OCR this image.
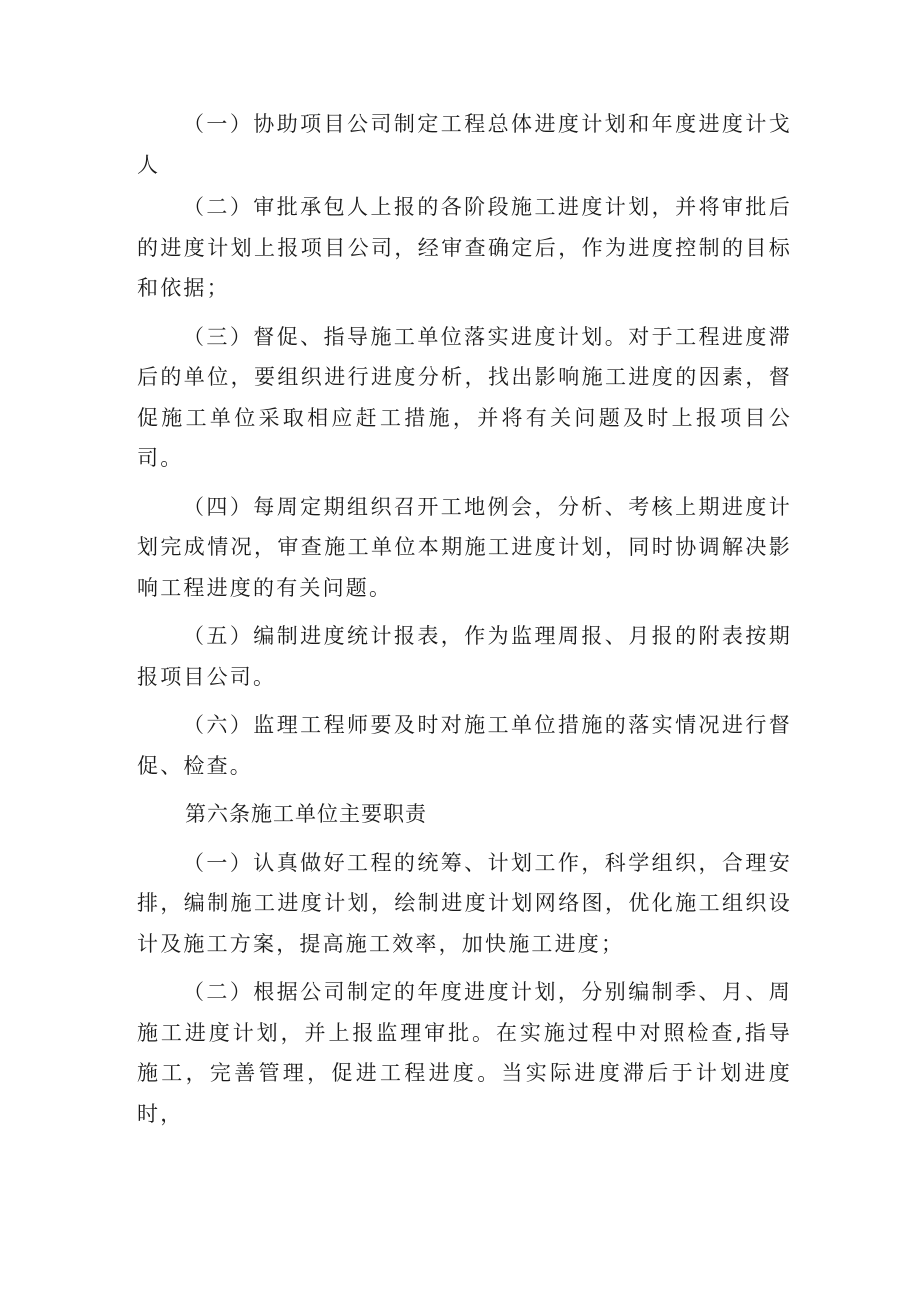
（一）协助项目公司制定工程总体进度计划和年度进度计戈人

（二）审批承包人上报的各阶段施工进度计划，并将审批后的进度计划上报项目公司，经审查确定后，作为进度控制的目标和依据；

（三）督促、指导施工单位落实进度计划。对于工程进度滞后的单位，要组织进行进度分析，找出影响施工进度的因素，督促施工单位采取相应赶工措施，并将有关问题及时上报项目公司。

（四）每周定期组织召开工地例会，分析、考核上期进度计划完成情况，审查施工单位本期施工进度计划，同时协调解决影响工程进度的有关问题。

（五）编制进度统计报表，作为监理周报、月报的附表按期报项目公司。

（六）监理工程师要及时对施工单位措施的落实情况进行督促、检查。

第六条施工单位主要职责

（一）认真做好工程的统筹、计划工作，科学组织，合理安排，编制施工进度计划，绘制进度计划网络图，优化施工组织设计及施工方案，提高施工效率，加快施工进度；

（二）根据公司制定的年度进度计划，分别编制季、月、周施工进度计划，并上报监理审批。在实施过程中对照检查,指导施工，完善管理，促进工程进度。当实际进度滞后于计划进度时，
